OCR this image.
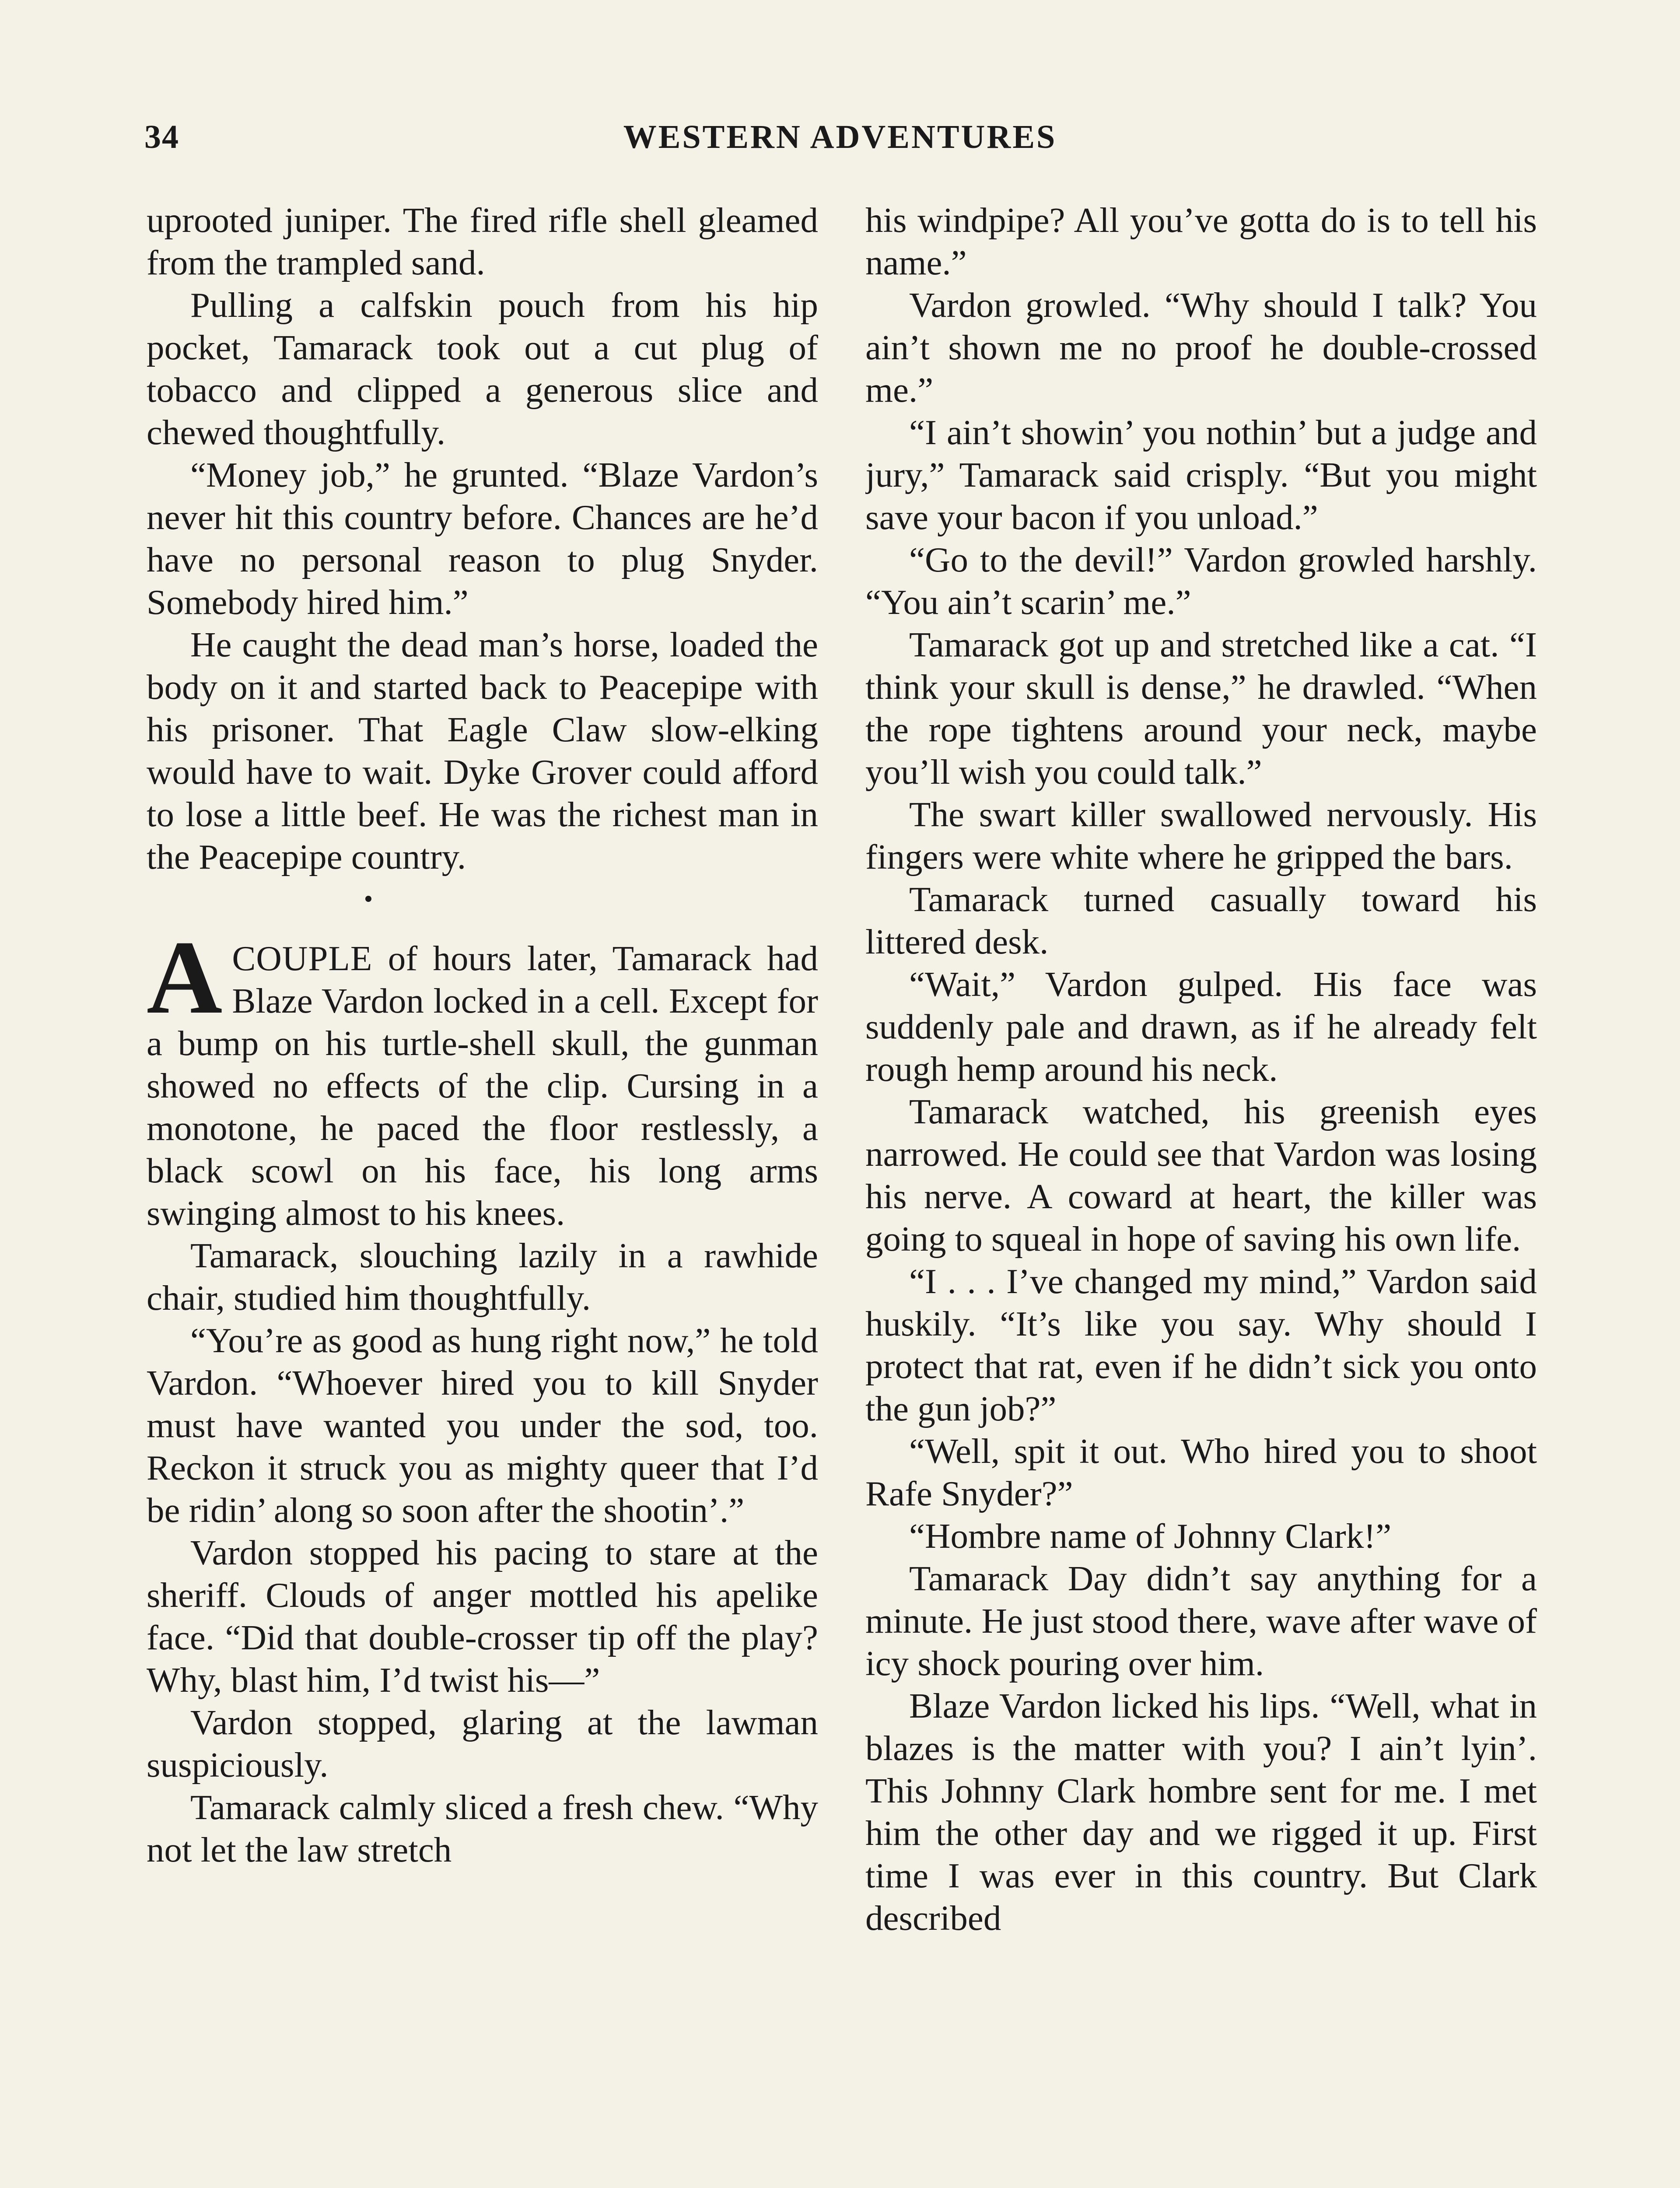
WESTERN ADVENTURES
34

uprooted juniper. The fired rifle shell gleamed from the trampled sand.

Pulling a calfskin pouch from his hip pocket, Tamarack took out a cut plug of tobacco and clipped a generous slice and chewed thoughtfully.

“Money job,” he grunted. “Blaze Vardon’s never hit this country before. Chances are he’d have no personal reason to plug Snyder. Somebody hired him.”

He caught the dead man’s horse, loaded the body on it and started back to Peacepipe with his prisoner. That Eagle Claw slow-elking would have to wait. Dyke Grover could afford to lose a little beef. He was the richest man in the Peacepipe country.

ACOUPLE of hours later, Tamarack had Blaze Vardon locked in a cell. Except for a bump on his turtle-shell skull, the gunman showed no effects of the clip. Cursing in a monotone, he paced the floor restlessly, a black scowl on his face, his long arms swinging almost to his knees.

Tamarack, slouching lazily in a rawhide chair, studied him thoughtfully.

“You’re as good as hung right now,” he told Vardon. “Whoever hired you to kill Snyder must have wanted you under the sod, too. Reckon it struck you as mighty queer that I’d be ridin’ along so soon after the shootin’.”

Vardon stopped his pacing to stare at the sheriff. Clouds of anger mottled his apelike face. “Did that double-crosser tip off the play? Why, blast him, I’d twist his—”

Vardon stopped, glaring at the lawman suspiciously.

Tamarack calmly sliced a fresh chew. “Why not let the law stretch

his windpipe? All you’ve gotta do is to tell his name.”

Vardon growled. “Why should I talk? You ain’t shown me no proof he double-crossed me.”

“I ain’t showin’ you nothin’ but a judge and jury,” Tamarack said crisply. “But you might save your bacon if you unload.”

“Go to the devil!” Vardon growled harshly. “You ain’t scarin’ me.”

Tamarack got up and stretched like a cat. “I think your skull is dense,” he drawled. “When the rope tightens around your neck, maybe you’ll wish you could talk.”

The swart killer swallowed nervously. His fingers were white where he gripped the bars.

Tamarack turned casually toward his littered desk.

“Wait,” Vardon gulped. His face was suddenly pale and drawn, as if he already felt rough hemp around his neck.

Tamarack watched, his greenish eyes narrowed. He could see that Vardon was losing his nerve. A coward at heart, the killer was going to squeal in hope of saving his own life.

“I . . . I’ve changed my mind,” Vardon said huskily. “It’s like you say. Why should I protect that rat, even if he didn’t sick you onto the gun job?”

“Well, spit it out. Who hired you to shoot Rafe Snyder?”

“Hombre name of Johnny Clark!”

Tamarack Day didn’t say anything for a minute. He just stood there, wave after wave of icy shock pouring over him.

Blaze Vardon licked his lips. “Well, what in blazes is the matter with you? I ain’t lyin’. This Johnny Clark hombre sent for me. I met him the other day and we rigged it up. First time I was ever in this country. But Clark described
